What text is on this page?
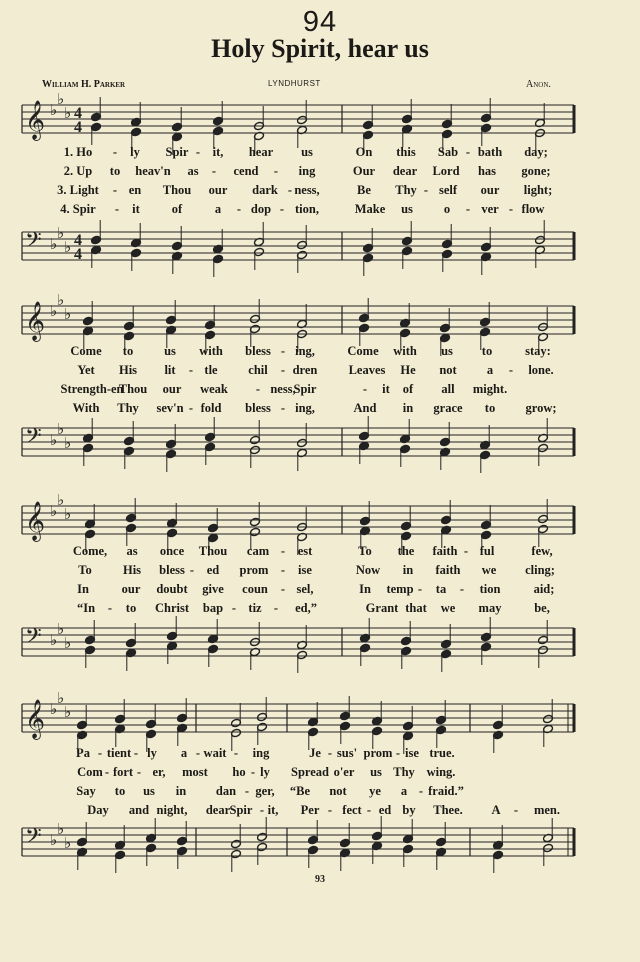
94
Holy Spirit, hear us
William H. Parker	LYNDHURST	Anon.
𝄞 ♭
♭
♭ 4
4
𝄢 ♭
♭
♭ 4
4
𝄞 ♭
♭
♭
𝄢 ♭
♭
♭
𝄞 ♭
♭
♭
𝄢 ♭
♭
♭
𝄞 ♭
♭
♭
𝄢 ♭
♭
♭
1. Ho - ly Spir - it, hear us	On this Sab - bath day;
2. Up to heav'n as - cend - ing	Our dear Lord has gone;
3. Light - en Thou our dark - ness,	Be Thy - self our light;
4. Spir - it	of	a - dop - tion,	Make us o - ver - flow
Come to us with bless - ing,	Come with us to	stay:
Yet His lit - tle chil - dren Leaves He not a - lone.
Strength-en
Thou our weak - ness,
Spir	- it of all might.
With Thy sev'n - fold bless - ing,	And in grace to grow;
Come, as once Thou cam - est	To the faith - ful	few,
To His bless - ed prom - ise	Now in faith we cling;
In	our doubt give coun - sel,	In temp - ta - tion	aid;
“In - to Christ bap - tiz - ed,”	Grant that we may	be,
Pa - tient - ly a - wait - ing	Je - sus' prom - ise true.
Com - fort - er, most ho - ly Spread o'er us Thy wing.
Say to us in dan - ger, “Be not ye a - fraid.”
Day and night, dear Spir - it, Per - fect - ed by Thee. A - men.
93
